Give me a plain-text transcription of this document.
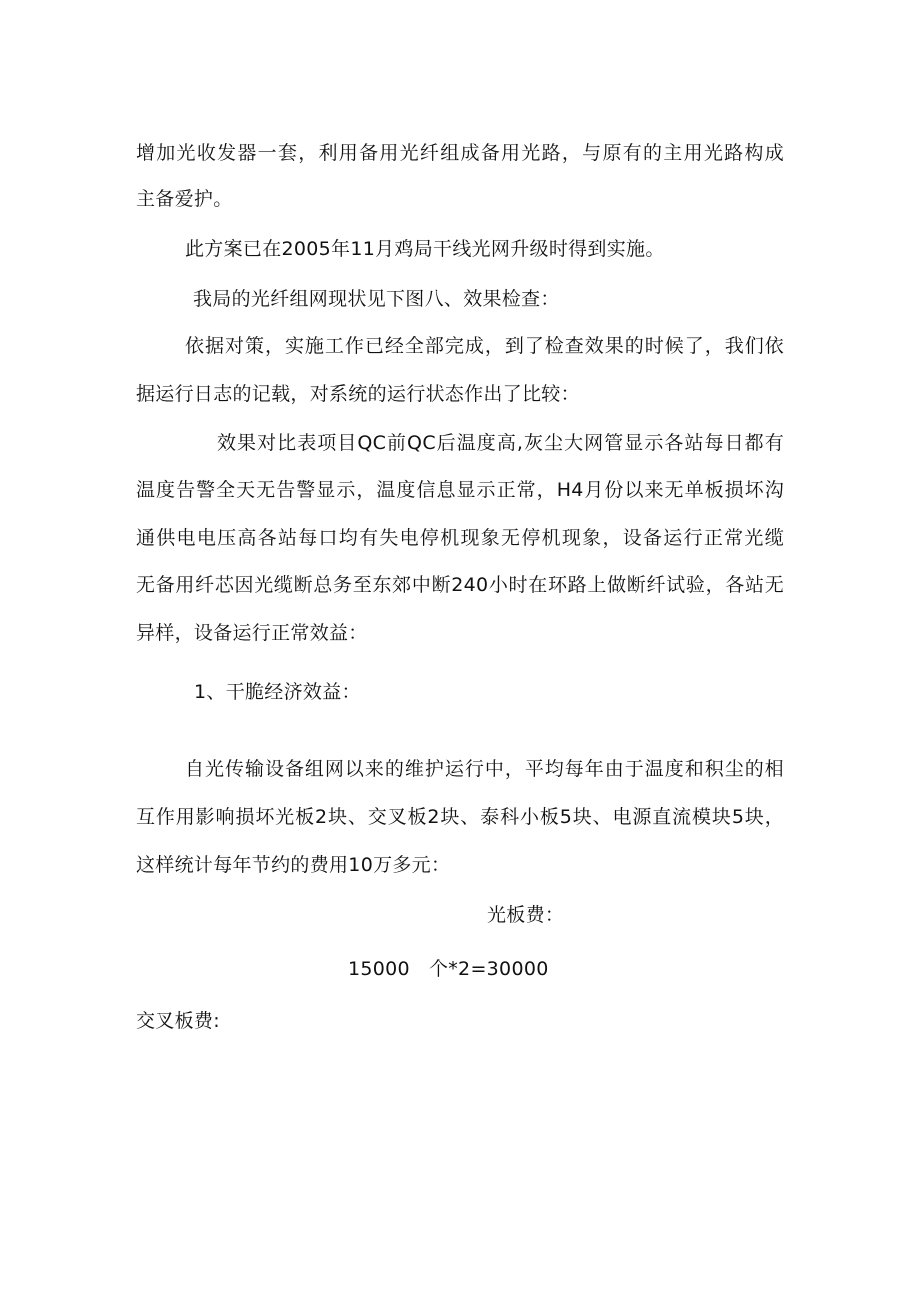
增加光收发器一套，利用备用光纤组成备用光路，与原有的主用光路构成
主备爱护。
此方案已在2005年11月鸡局干线光网升级时得到实施。
我局的光纤组网现状见下图八、效果检查：
依据对策，实施工作已经全部完成，到了检查效果的时候了，我们依
据运行日志的记载，对系统的运行状态作出了比较：
效果对比表项目QC前QC后温度高,灰尘大网管显示各站每日都有
温度告警全天无告警显示，温度信息显示正常，H4月份以来无单板损坏沟
通供电电压高各站每口均有失电停机现象无停机现象，设备运行正常光缆
无备用纤芯因光缆断总务至东郊中断240小时在环路上做断纤试验，各站无
异样，设备运行正常效益：
1、干脆经济效益：
自光传输设备组网以来的维护运行中，平均每年由于温度和积尘的相
互作用影响损坏光板2块、交叉板2块、泰科小板5块、电源直流模块5块，
这样统计每年节约的费用10万多元：
光板费：
15000   个*2=30000
交叉板费:
